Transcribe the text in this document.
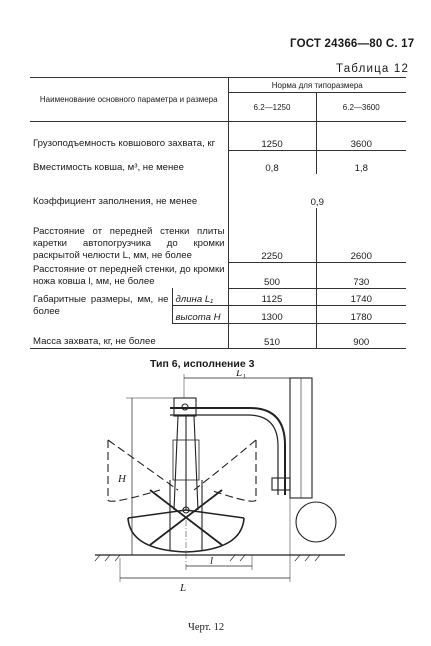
ГОСТ 24366—80 С. 17
Таблица 12
Наименование основного параметра и размера		Норма для типоразмера	
		6.2—1250	6.2—3600
Грузоподъемность ковшового захвата, кг		1250	3600
Вместимость ковша, м³, не менее		0,8	1,8
Коэффициент заполнения, не менее		0,9	
Расстояние от передней стенки плиты каретки автопогрузчика до кромки раскрытой челюсти L, мм, не более		2250	2600
Расстояние от передней стенки, до кромки ножа ковша l, мм, не более		500	730
Габаритные размеры, мм, не более	длина L₁	1125	1740
	высота H	1300	1780
Масса захвата, кг, не более		510	900
Тип 6, исполнение 3
L₁
H
L
l
Черт. 12
